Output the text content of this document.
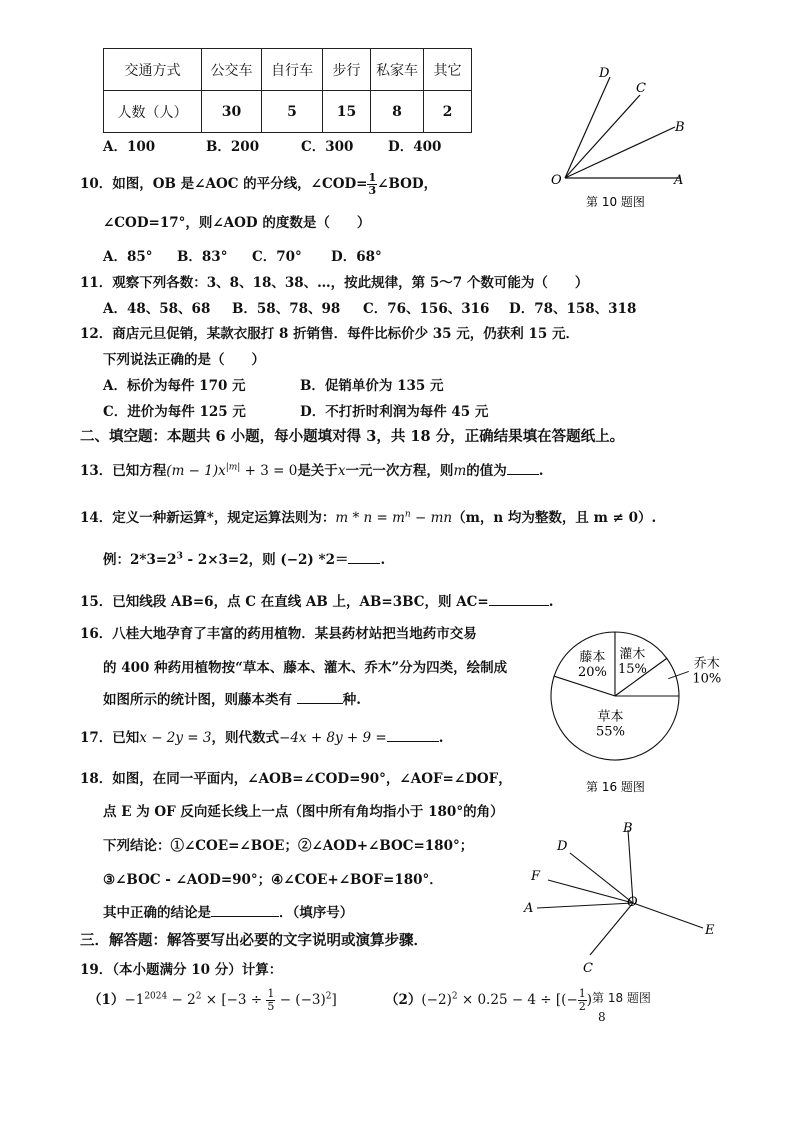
交通方式	公交车	自行车	步行	私家车	其它
人数（人）	30	5	15	8	2
A．100	B．200	C．300	D．400
D
C
B
O	A
第 10 题图
10．如图，OB 是∠AOC 的平分线，∠COD= $\frac{1}{3}$ ∠BOD，
∠COD=17°，则∠AOD 的度数是（　　）
A．85° B．83° C．70° D．68°
11．观察下列各数：3、8、18、38、…，按此规律，第 5～7 个数可能为（　　）
A．48、58、68 B．58、78、98 C．76、156、316 D．78、158、318
12．商店元旦促销，某款衣服打 8 折销售．每件比标价少 35 元，仍获利 15 元．
下列说法正确的是（　　）
A．标价为每件 170 元	B．促销单价为 135 元
C．进价为每件 125 元	D．不打折时利润为每件 45 元
二、填空题：本题共 6 小题，每小题填对得 3，共 18 分，正确结果填在答题纸上。
13．已知方程$(m - 1)x^{|m|} + 3 = 0$是关于x一元一次方程，则m的值为 .
14．定义一种新运算*，规定运算法则为：$m * n = m^n - mn(m$，n 均为整数，且 m ≠ 0）.
例：$2*3=2^3 - 2\times 3=2$，则 (−2) *2＝ .
15．已知线段 AB=6，点 C 在直线 AB 上，AB=3BC，则 AC=	.
16．八桂大地孕育了丰富的药用植物．某县药材站把当地药市交易
的 400 种药用植物按“草本、藤本、灌木、乔木”分为四类，绘制成
如图所示的统计图，则藤本类有	种.
藤本
20%
灌木
15%	乔木
10%
草本
55%
第 16 题图
17．已知x − 2y = 3，则代数式−4x + 8y + 9 =	.
18．如图，在同一平面内，∠AOB=∠COD=90°，∠AOF=∠DOF，
点 E 为 OF 反向延长线上一点（图中所有角均指小于 180°的角）
下列结论：①∠COE=∠BOE；②∠AOD+∠BOC=180°；
③∠BOC - ∠AOD=90°；④∠COE+∠BOF=180°．
其中正确的结论是	．（填序号）
B
D
F
A	O
E
C
第 18 题图
三．解答题：解答要写出必要的文字说明或演算步骤．
19．（本小题满分 10 分）计算：
$(1)-1^{2024} - 2^2 \times [-3 \div \frac{1}{5} - (-3)^2]$	$(2)(-2)^2 \times 0.25 - 4$ ÷ [(− $\frac{1}{2}$ )
8
